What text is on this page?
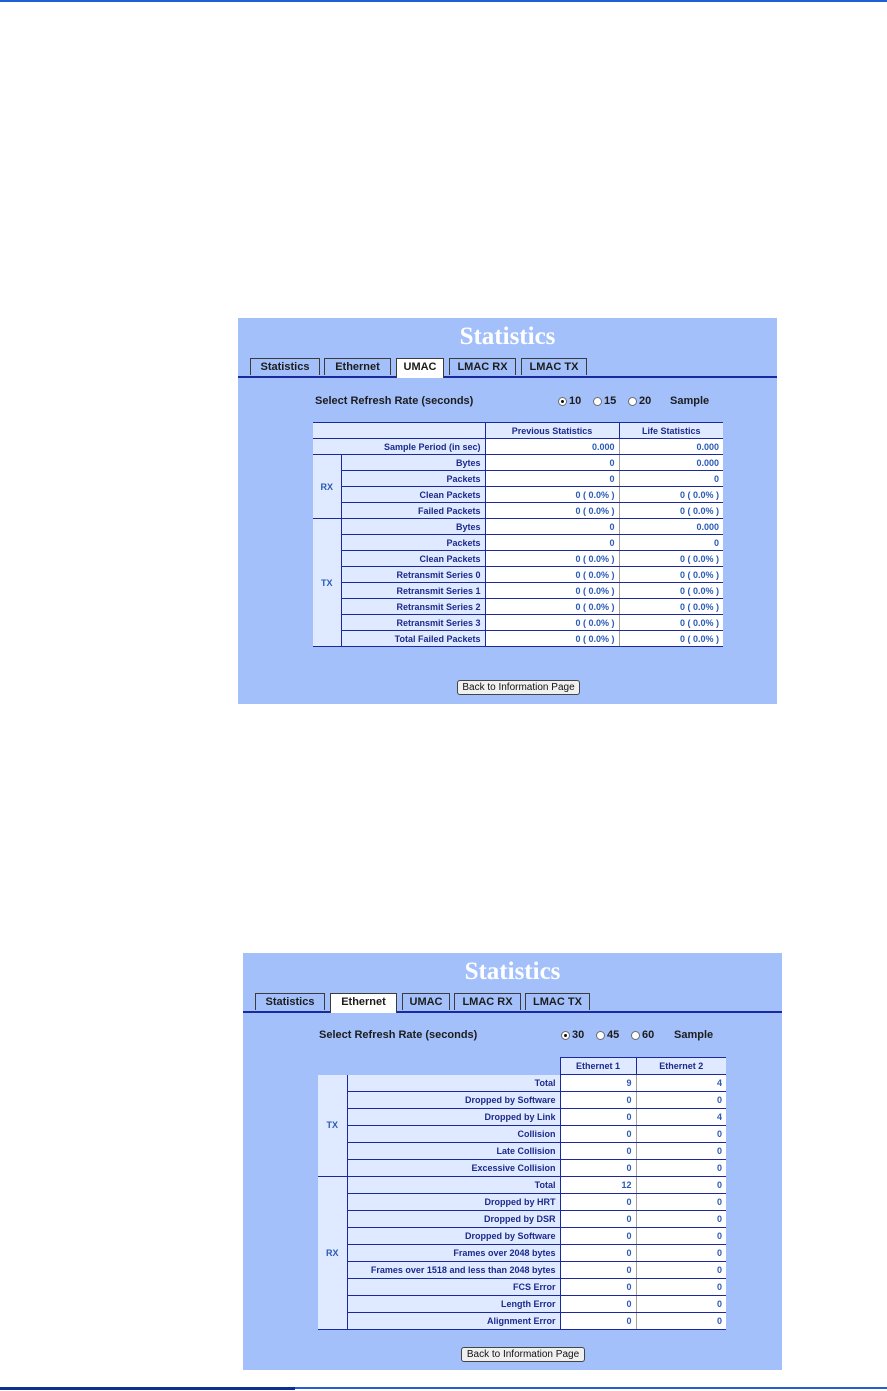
Statistics
Statistics	Ethernet	UMAC	LMAC RX	LMAC TX
Select Refresh Rate (seconds)	10 15 20 Sample
		Previous Statistics	Life Statistics
Sample Period (in sec)		0.000	0.000
RX	Bytes	0	0.000
	Packets	0	0
	Clean Packets	0 ( 0.0% )	0 ( 0.0% )
	Failed Packets	0 ( 0.0% )	0 ( 0.0% )
TX	Bytes	0	0.000
	Packets	0	0
	Clean Packets	0 ( 0.0% )	0 ( 0.0% )
	Retransmit Series 0	0 ( 0.0% )	0 ( 0.0% )
	Retransmit Series 1	0 ( 0.0% )	0 ( 0.0% )
	Retransmit Series 2	0 ( 0.0% )	0 ( 0.0% )
	Retransmit Series 3	0 ( 0.0% )	0 ( 0.0% )
	Total Failed Packets	0 ( 0.0% )	0 ( 0.0% )
Back to Information Page
Statistics
Statistics	Ethernet	UMAC	LMAC RX	LMAC TX
Select Refresh Rate (seconds)	30 45 60 Sample
		Ethernet 1	Ethernet 2
TX	Total	9	4
	Dropped by Software	0	0
	Dropped by Link	0	4
	Collision	0	0
	Late Collision	0	0
	Excessive Collision	0	0
RX	Total	12	0
	Dropped by HRT	0	0
	Dropped by DSR	0	0
	Dropped by Software	0	0
	Frames over 2048 bytes	0	0
	Frames over 1518 and less than 2048 bytes	0	0
	FCS Error	0	0
	Length Error	0	0
	Alignment Error	0	0
Back to Information Page
